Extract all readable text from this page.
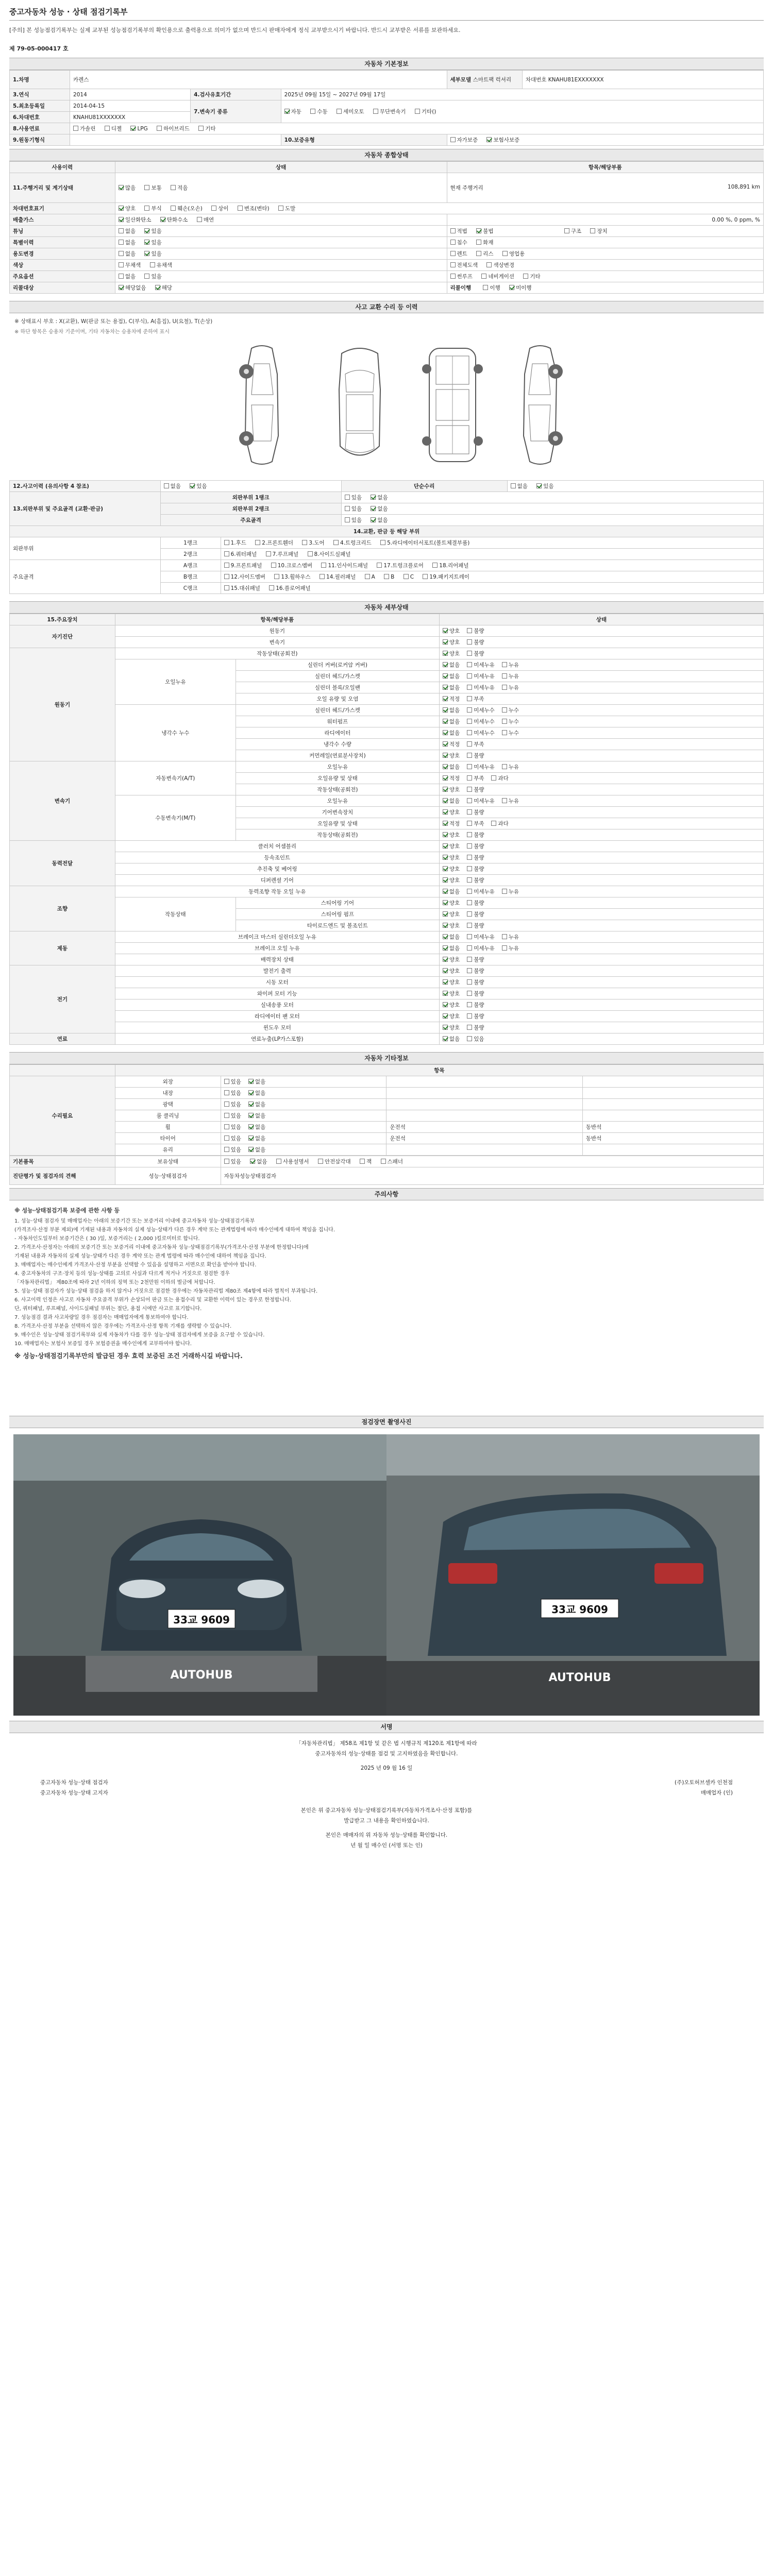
중고자동차 성능 · 상태 점검기록부
[주의] 본 성능점검기록부는 실제 교부된 성능점검기록부의 확인용으로 출력용으로 의미가 없으며 반드시 판매자에게 정식 교부받으시기 바랍니다. 반드시 교부받은 서류를 보관하세요.
제 79-05-000417 호
자동차 기본정보
1.차명	카렌스			세부모델 스마트팩 럭셔리	차대번호 KNAHU81EXXXXXXX
3.연식	2014	4.검사유효기간	2025년 09월 15일 ~ 2027년 09월 17일		
5.최초등록일	2014-04-15	7.변속기 종류	자동 수동 세미오토 무단변속기 기타()		
6.차대번호	KNAHU81XXXXXXX				
8.사용연료	가솔린 디젤 LPG 하이브리드 기타				
9.원동기형식			10.보증유형	자가보증 보험사보증	
자동차 종합상태
사용이력	상태	항목/해당부품
11.주행거리 및 계기상태	많음 보통 적음	현재 주행거리 108,891 km

차대번호표기	양호 부식 훼손(오손) 상이 변조(변타) 도말	
배출가스	일산화탄소 탄화수소 매연	0.00 %, 0 ppm, %
튜닝	없음 있음	적법 불법 구조 장치
특별이력	없음 있음	침수 화재
용도변경	없음 있음	렌트 리스 영업용
색상	무채색 유채색	전체도색 색상변경
주요옵션	없음 있음	썬루프 네비게이션 기타
리콜대상	해당없음 해당	리콜이행 이행 미이행
사고 교환 수리 등 이력
※ 상태표시 부호 : X(교환), W(판금 또는 용접), C(부식), A(흠집), U(요철), T(손상)
※ 하단 항목은 승용차 기준이며, 기타 자동차는 승용차에 준하여 표시
12.사고이력 (유의사항 4 참조)	없음 있음		단순수리	없음 있음
13.외판부위 및 주요골격 (교환·판금)	외판부위 1랭크		있음 없음	
	외판부위 2랭크		있음 없음	
	주요골격		있음 없음	
14.교환, 판금 등 해당 부위				
외판부위	1랭크	1.후드 2.프론트휀더 3.도어 4.트렁크리드 5.라디에이터서포트(볼트체결부품)		
	2랭크	6.쿼터패널 7.루프패널 8.사이드실패널		
주요골격	A랭크	9.프론트패널 10.크로스멤버 11.인사이드패널 17.트렁크플로어 18.리어패널		
	B랭크	12.사이드멤버 13.휠하우스 14.필러패널 A B C 19.패키지트레이		
	C랭크	15.대쉬패널 16.플로어패널		
자동차 세부상태
15.주요장치	항목/해당부품		상태
자기진단	원동기		양호 불량
	변속기		양호 불량
원동기	작동상태(공회전)		양호 불량
	오일누유	실린더 커버(로커암 커버)	없음 미세누유 누유
		실린더 헤드/가스켓	없음 미세누유 누유
		실린더 블록/오일팬	없음 미세누유 누유
		오일 유량 및 오염	적정 부족
	냉각수 누수	실린더 헤드/가스켓	없음 미세누수 누수
		워터펌프	없음 미세누수 누수
		라디에이터	없음 미세누수 누수
		냉각수 수량	적정 부족
		커먼레일(연료분사장치)	양호 불량
변속기	자동변속기(A/T)	오일누유	없음 미세누유 누유
		오일유량 및 상태	적정 부족 과다
		작동상태(공회전)	양호 불량
	수동변속기(M/T)	오일누유	없음 미세누유 누유
		기어변속장치	양호 불량
		오일유량 및 상태	적정 부족 과다
		작동상태(공회전)	양호 불량
동력전달	클러치 어셈블리		양호 불량
	등속조인트		양호 불량
	추진축 및 베어링		양호 불량
	디퍼렌셜 기어		양호 불량
조향	동력조향 작동 오일 누유		없음 미세누유 누유
	작동상태	스티어링 기어	양호 불량
		스티어링 펌프	양호 불량
		타이로드엔드 및 볼조인트	양호 불량
제동	브레이크 마스터 실린더오일 누유		없음 미세누유 누유
	브레이크 오일 누유		없음 미세누유 누유
	배력장치 상태		양호 불량
전기	발전기 출력		양호 불량
	시동 모터		양호 불량
	와이퍼 모터 기능		양호 불량
	실내송풍 모터		양호 불량
	라디에이터 팬 모터		양호 불량
	윈도우 모터		양호 불량
연료	연료누출(LP가스포함)		없음 있음
자동차 기타정보
	항목			
수리필요	외장	있음 없음		
	내장	있음 없음		
	광택	있음 없음		
	룸 클리닝	있음 없음		
	휠	있음 없음	운전석	동반석
	타이어	있음 없음	운전석	동반석
	유리	있음 없음		
기본품목	보유상태	있음 없음 사용설명서 안전삼각대 잭 스패너
진단평가 및 점검자의 견해	성능·상태점검자	자동차성능상태점검자
주의사항
※ 성능·상태점검기록 보증에 관한 사항 등

1. 성능·상태 점검자 및 매매업자는 아래의 보증기간 또는 보증거리 이내에 중고자동차 성능·상태점검기록부

(가격조사·산정 부분 제외)에 기재된 내용과 자동차의 실제 성능·상태가 다른 경우 계약 또는 관계법령에 따라 매수인에게 대하여 책임을 집니다.

- 자동차인도일부터 보증기간은 ( 30 )일, 보증거리는 ( 2,000 )킬로미터로 합니다.

2. 가격조사·산정자는 아래의 보증기간 또는 보증거리 이내에 중고자동차 성능·상태점검기록부(가격조사·산정 부분에 한정합니다)에

기재된 내용과 자동차의 실제 성능·상태가 다른 경우 계약 또는 관계 법령에 따라 매수인에 대하여 책임을 집니다.

3. 매매업자는 매수인에게 가격조사·산정 부분을 선택할 수 있음을 설명하고 서면으로 확인을 받아야 합니다.

4. 중고자동차의 구조·장치 등의 성능·상태를 고의로 사실과 다르게 적거나 거짓으로 점검한 경우

「자동차관리법」 제80조에 따라 2년 이하의 징역 또는 2천만원 이하의 벌금에 처합니다.

5. 성능·상태 점검자가 성능·상태 점검을 하지 않거나 거짓으로 점검한 경우에는 자동차관리법 제80조 제4항에 따라 벌칙이 부과됩니다.

6. 사고이력 인정은 사고로 자동차 주요골격 부위가 손상되어 판금 또는 용접수리 및 교환한 이력이 있는 경우로 한정합니다.

단, 쿼터패널, 루프패널, 사이드실패널 부위는 절단, 용접 시에만 사고로 표기합니다.

7. 성능점검 결과 사고차량일 경우 점검자는 매매업자에게 통보하여야 합니다.

8. 가격조사·산정 부분을 선택하지 않은 경우에는 가격조사·산정 항목 기재를 생략할 수 있습니다.

9. 매수인은 성능·상태 점검기록부와 실제 자동차가 다를 경우 성능·상태 점검자에게 보증을 요구할 수 있습니다.

10. 매매업자는 보험사 보증일 경우 보험증권을 매수인에게 교부하여야 합니다.

※ 성능·상태점검기록부만의 발급된 경우 효력 보증된 조건 거래하시길 바랍니다.

점검장면 촬영사진
33교 9609
AUTOHUB
33교 9609
AUTOHUB
서명
「자동차관리법」 제58조 제1항 및 같은 법 시행규칙 제120조 제1항에 따라
중고자동차의 성능·상태를 점검 및 고지하였음을 확인합니다.
2025 년 09 월 16 일
중고자동차 성능·상태 점검자	(주)오토허브셀카 인천점
중고자동차 성능·상태 고지자	매매업자 (인)
본인은 위 중고자동차 성능·상태점검기록부(자동차가격조사·산정 포함)를
발급받고 그 내용을 확인하였습니다.
본인은 매매자의 위 자동차 성능·상태를 확인합니다.
년 월 일 매수인 (서명 또는 인)
